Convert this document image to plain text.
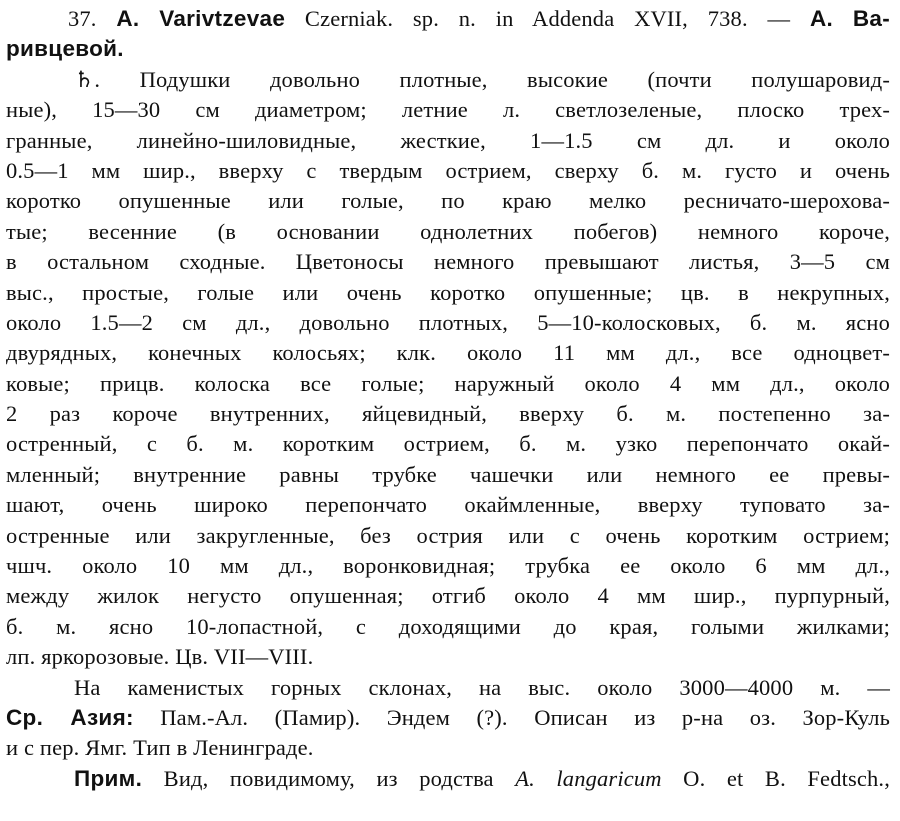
37. A. Varivtzevae Czerniak. sp. n. in Addenda XVII, 738. — A. Ва-
ривцевой.
♄. Подушки довольно плотные, высокие (почти полушаровид-
ные), 15—30 см диаметром; летние л. светлозеленые, плоско трех-
гранные, линейно-шиловидные, жесткие, 1—1.5 см дл. и около
0.5—1 мм шир., вверху с твердым острием, сверху б. м. густо и очень
коротко опушенные или голые, по краю мелко ресничато-шерохова-
тые; весенние (в основании однолетних побегов) немного короче,
в остальном сходные. Цветоносы немного превышают листья, 3—5 см
выс., простые, голые или очень коротко опушенные; цв. в некрупных,
около 1.5—2 см дл., довольно плотных, 5—10-колосковых, б. м. ясно
двурядных, конечных колосьях; клк. около 11 мм дл., все одноцвет-
ковые; прицв. колоска все голые; наружный около 4 мм дл., около
2 раз короче внутренних, яйцевидный, вверху б. м. постепенно за-
остренный, с б. м. коротким острием, б. м. узко перепончато окай-
мленный; внутренние равны трубке чашечки или немного ее превы-
шают, очень широко перепончато окаймленные, вверху туповато за-
остренные или закругленные, без острия или с очень коротким острием;
чшч. около 10 мм дл., воронковидная; трубка ее около 6 мм дл.,
между жилок негусто опушенная; отгиб около 4 мм шир., пурпурный,
б. м. ясно 10-лопастной, с доходящими до края, голыми жилками;
лп. яркорозовые. Цв. VII—VIII.
На каменистых горных склонах, на выс. около 3000—4000 м. —
Ср. Азия: Пам.-Ал. (Памир). Эндем (?). Описан из р-на оз. Зор-Куль
и с пер. Ямг. Тип в Ленинграде.
Прим. Вид, повидимому, из родства A. langaricum O. et B. Fedtsch.,
